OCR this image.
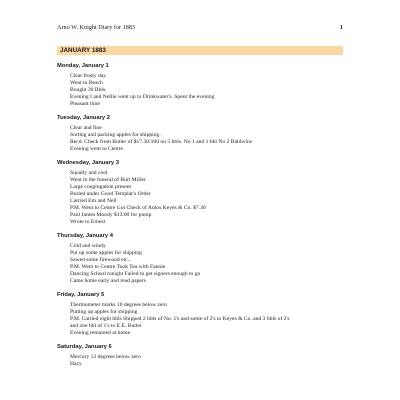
Arno W. Knight Diary for 1883	1
JANUARY 1883
Monday, January 1
Clear frosty day
Went to Beach
Bought 30 Bbls.
Evening I and Nellie went up to Drinkwater's. Spent the evening
Pleasant time
Tuesday, January 2
Clear and fine
Sorting and packing apples for shipping.
Recd. Check from Butler of $17.30/100 on 5 bbls. No 1 and 1 bbl No 2 Baldwins
Evening went to Centre
Wednesday, January 3
Squally and cool
Went to the funeral of Burt Miller
Large congregation present
Buried under Good Templar's Order
Carried Em and Nell
P.M. Went to Centre Got Check of Amos Keyes & Co. $7.30
Paid James Moody $13.00 for pump
Wrote to Ernest
Thursday, January 4
Cold and windy
Put up some apples for shipping
Sawed some firewood etc..
P.M. Went to Centre Took Tea with Fannie
Dancing School tonight Failed to get signers enough to go
Came home early and read papers
Friday, January 5
Thermometer marks 10 degrees below zero
Putting up apples for shipping
P.M. Carried eight bbls Shipped 2 bbls of No. 1's and some of 2's to Keyes & Co. and 3 bbls of 2's
and one bbl of 1's to E.E. Butler
Evening remained at home
Saturday, January 6
Mercury 12 degrees below zero
Hazy
